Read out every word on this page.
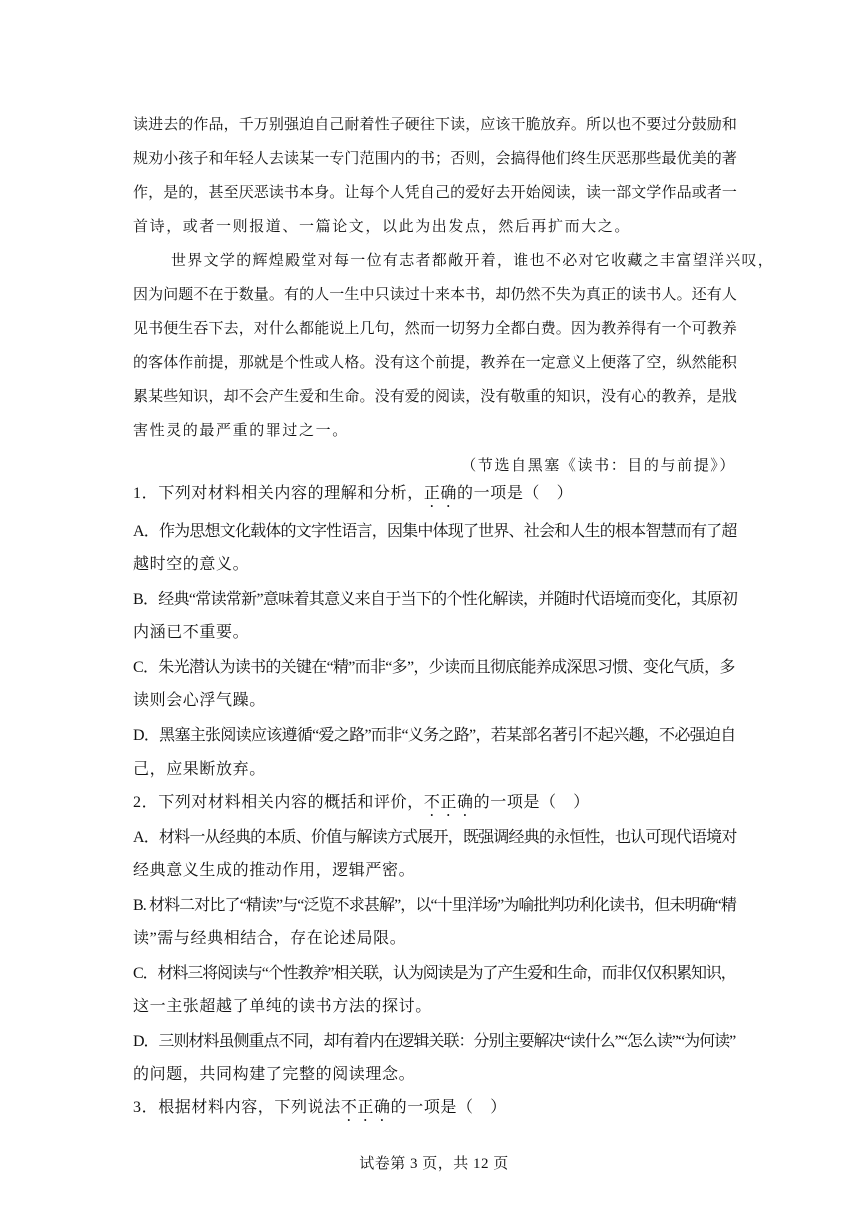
读进去的作品，千万别强迫自己耐着性子硬往下读，应该干脆放弃。所以也不要过分鼓励和
规劝小孩子和年轻人去读某一专门范围内的书；否则，会搞得他们终生厌恶那些最优美的著
作，是的，甚至厌恶读书本身。让每个人凭自己的爱好去开始阅读，读一部文学作品或者一
首诗，或者一则报道、一篇论文，以此为出发点，然后再扩而大之。
世界文学的辉煌殿堂对每一位有志者都敞开着，谁也不必对它收藏之丰富望洋兴叹，
因为问题不在于数量。有的人一生中只读过十来本书，却仍然不失为真正的读书人。还有人
见书便生吞下去，对什么都能说上几句，然而一切努力全都白费。因为教养得有一个可教养
的客体作前提，那就是个性或人格。没有这个前提，教养在一定意义上便落了空，纵然能积
累某些知识，却不会产生爱和生命。没有爱的阅读，没有敬重的知识，没有心的教养，是戕
害性灵的最严重的罪过之一。
（节选自黑塞《读书：目的与前提》）
1．下列对材料相关内容的理解和分析，正确的一项是（　）
A．作为思想文化载体的文字性语言，因集中体现了世界、社会和人生的根本智慧而有了超
越时空的意义。
B．经典“常读常新”意味着其意义来自于当下的个性化解读，并随时代语境而变化，其原初
内涵已不重要。
C．朱光潜认为读书的关键在“精”而非“多”，少读而且彻底能养成深思习惯、变化气质，多
读则会心浮气躁。
D．黑塞主张阅读应该遵循“爱之路”而非“义务之路”，若某部名著引不起兴趣，不必强迫自
己，应果断放弃。
2．下列对材料相关内容的概括和评价，不正确的一项是（　）
A．材料一从经典的本质、价值与解读方式展开，既强调经典的永恒性，也认可现代语境对
经典意义生成的推动作用，逻辑严密。
B. 材料二对比了“精读”与“泛览不求甚解”，以“十里洋场”为喻批判功利化读书，但未明确“精
读”需与经典相结合，存在论述局限。
C．材料三将阅读与“个性教养”相关联，认为阅读是为了产生爱和生命，而非仅仅积累知识，
这一主张超越了单纯的读书方法的探讨。
D．三则材料虽侧重点不同，却有着内在逻辑关联：分别主要解决“读什么”“怎么读”“为何读”
的问题，共同构建了完整的阅读理念。
3．根据材料内容，下列说法不正确的一项是（　）
试卷第 3 页，共 12 页
